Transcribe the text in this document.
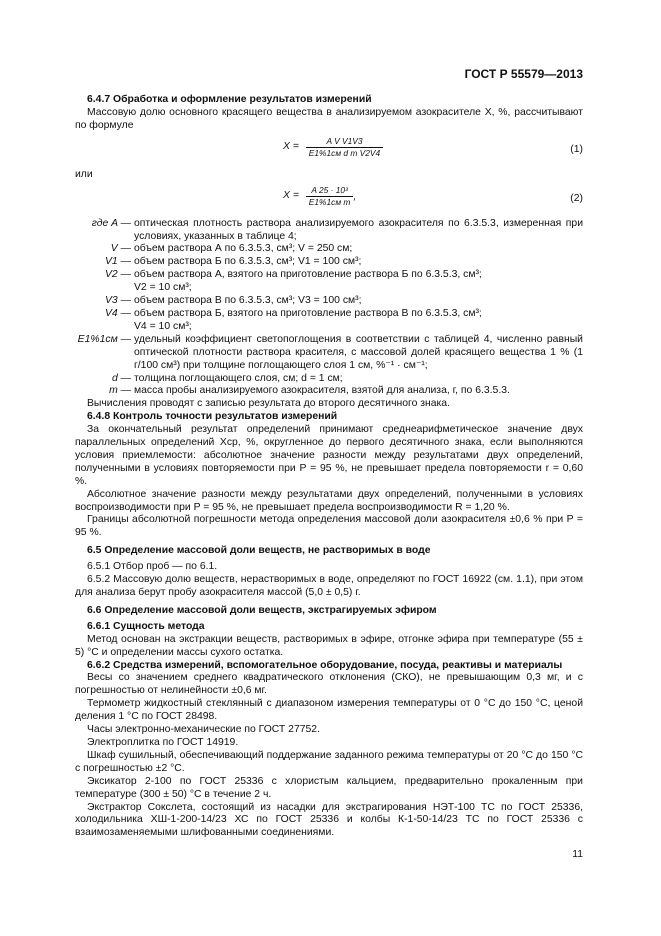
ГОСТ Р 55579—2013

6.4.7 Обработка и оформление результатов измерений

Массовую долю основного красящего вещества в анализируемом азокрасителе X, %, рассчитывают по формуле

$X = \frac{\text{A V V1V3}}{\text{E1\%1см d m V2V4}}$	(1)

или

$X = \frac{\text{A 25 · 10³}}{\text{E1\%1см m}}$ ,	(2)
где A — оптическая плотность раствора анализируемого азокрасителя по 6.3.5.3, измеренная при условиях, указанных в таблице 4;
V — объем раствора А по 6.3.5.3, см³; V = 250 см;
V1 — объем раствора Б по 6.3.5.3, см³; V1 = 100 см³;
V2 — объем раствора А, взятого на приготовление раствора Б по 6.3.5.3, см³;
V2 = 10 см³;
V3 — объем раствора В по 6.3.5.3, см³; V3 = 100 см³;
V4 — объем раствора Б, взятого на приготовление раствора В по 6.3.5.3, см³;
V4 = 10 см³;
E1%1см — удельный коэффициент светопоглощения в соответствии с таблицей 4, численно равный оптической плотности раствора красителя, с массовой долей красящего вещества 1 % (1 г/100 см³) при толщине поглощающего слоя 1 см, %⁻¹ · см⁻¹;
d — толщина поглощающего слоя, см; d = 1 см;
m — масса пробы анализируемого азокрасителя, взятой для анализа, г, по 6.3.5.3.

Вычисления проводят с записью результата до второго десятичного знака.

6.4.8 Контроль точности результатов измерений

За окончательный результат определений принимают среднеарифметическое значение двух параллельных определений Xср, %, округленное до первого десятичного знака, если выполняются условия приемлемости: абсолютное значение разности между результатами двух определений, полученными в условиях повторяемости при P = 95 %, не превышает предела повторяемости r = 0,60 %.

Абсолютное значение разности между результатами двух определений, полученными в условиях воспроизводимости при P = 95 %, не превышает предела воспроизводимости R = 1,20 %.

Границы абсолютной погрешности метода определения массовой доли азокрасителя ±0,6 % при P = 95 %.

6.5 Определение массовой доли веществ, не растворимых в воде

6.5.1 Отбор проб — по 6.1.

6.5.2 Массовую долю веществ, нерастворимых в воде, определяют по ГОСТ 16922 (см. 1.1), при этом для анализа берут пробу азокрасителя массой (5,0 ± 0,5) г.

6.6 Определение массовой доли веществ, экстрагируемых эфиром

6.6.1 Сущность метода

Метод основан на экстракции веществ, растворимых в эфире, отгонке эфира при температуре (55 ± 5) °С и определении массы сухого остатка.

6.6.2 Средства измерений, вспомогательное оборудование, посуда, реактивы и материалы

Весы со значением среднего квадратического отклонения (СКО), не превышающим 0,3 мг, и с погрешностью от нелинейности ±0,6 мг.

Термометр жидкостный стеклянный с диапазоном измерения температуры от 0 °С до 150 °С, ценой деления 1 °С по ГОСТ 28498.

Часы электронно-механические по ГОСТ 27752.

Электроплитка по ГОСТ 14919.

Шкаф сушильный, обеспечивающий поддержание заданного режима температуры от 20 °С до 150 °С с погрешностью ±2 °С.

Эксикатор 2-100 по ГОСТ 25336 с хлористым кальцием, предварительно прокаленным при температуре (300 ± 50) °С в течение 2 ч.

Экстрактор Сокслета, состоящий из насадки для экстрагирования НЭТ-100 ТС по ГОСТ 25336, холодильника ХШ-1-200-14/23 ХС по ГОСТ 25336 и колбы К-1-50-14/23 ТС по ГОСТ 25336 с взаимозаменяемыми шлифованными соединениями.

11
